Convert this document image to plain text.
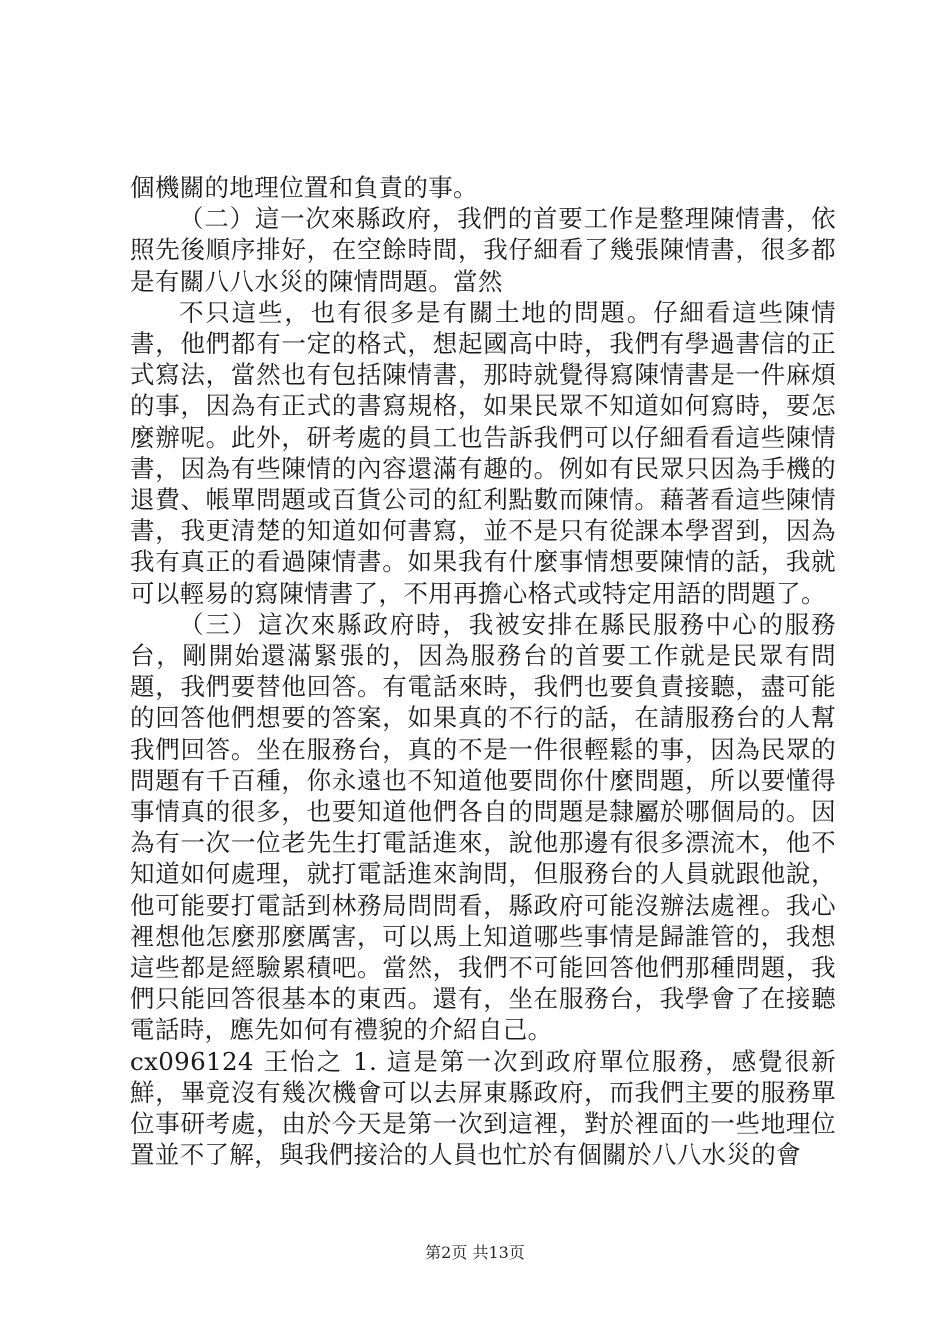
個機關的地理位置和負責的事。

（二）這一次來縣政府，我們的首要工作是整理陳情書，依照先後順序排好，在空餘時間，我仔細看了幾張陳情書，很多都是有關八八水災的陳情問題。當然

不只這些，也有很多是有關土地的問題。仔細看這些陳情書，他們都有一定的格式，想起國高中時，我們有學過書信的正式寫法，當然也有包括陳情書，那時就覺得寫陳情書是一件麻煩的事，因為有正式的書寫規格，如果民眾不知道如何寫時，要怎麼辦呢。此外，研考處的員工也告訴我們可以仔細看看這些陳情書，因為有些陳情的內容還滿有趣的。例如有民眾只因為手機的退費、帳單問題或百貨公司的紅利點數而陳情。藉著看這些陳情書，我更清楚的知道如何書寫，並不是只有從課本學習到，因為我有真正的看過陳情書。如果我有什麼事情想要陳情的話，我就可以輕易的寫陳情書了，不用再擔心格式或特定用語的問題了。

（三）這次來縣政府時，我被安排在縣民服務中心的服務台，剛開始還滿緊張的，因為服務台的首要工作就是民眾有問題，我們要替他回答。有電話來時，我們也要負責接聽，盡可能的回答他們想要的答案，如果真的不行的話，在請服務台的人幫我們回答。坐在服務台，真的不是一件很輕鬆的事，因為民眾的問題有千百種，你永遠也不知道他要問你什麼問題，所以要懂得事情真的很多，也要知道他們各自的問題是隸屬於哪個局的。因為有一次一位老先生打電話進來，說他那邊有很多漂流木，他不知道如何處理，就打電話進來詢問，但服務台的人員就跟他說，他可能要打電話到林務局問問看，縣政府可能沒辦法處裡。我心裡想他怎麼那麼厲害，可以馬上知道哪些事情是歸誰管的，我想這些都是經驗累積吧。當然，我們不可能回答他們那種問題，我們只能回答很基本的東西。還有，坐在服務台，我學會了在接聽電話時，應先如何有禮貌的介紹自己。

cx096124 王怡之 1. 這是第一次到政府單位服務，感覺很新鮮，畢竟沒有幾次機會可以去屏東縣政府，而我們主要的服務單位事研考處，由於今天是第一次到這裡，對於裡面的一些地理位置並不了解，與我們接洽的人員也忙於有個關於八八水災的會

第2页 共13页
